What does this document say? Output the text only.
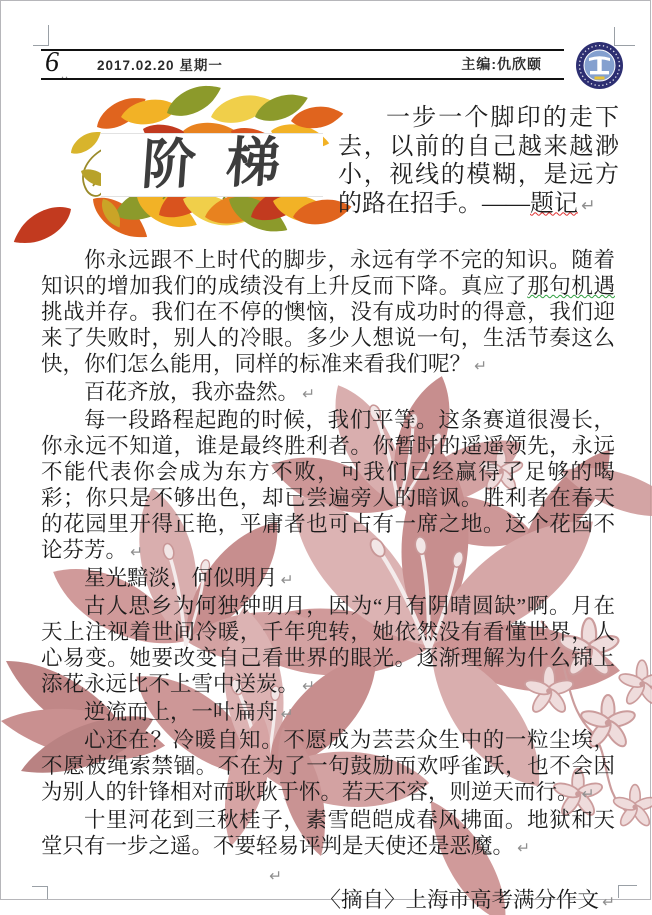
6 ..
2017.02.20 星期一	主编:仇欣颐
阶梯
一步一个脚印的走下去，以前的自己越来越渺小，视线的模糊，是远方的路在招手。——题记 ↵

你永远跟不上时代的脚步，永远有学不完的知识。随着知识的增加我们的成绩没有上升反而下降。真应了那句机遇挑战并存。我们在不停的懊恼，没有成功时的得意，我们迎来了失败时，别人的冷眼。多少人想说一句，生活节奏这么快，你们怎么能用，同样的标准来看我们呢？ ↵

百花齐放，我亦盎然。 ↵

每一段路程起跑的时候，我们平等。这条赛道很漫长，你永远不知道，谁是最终胜利者。你暂时的遥遥领先，永远不能代表你会成为东方不败，可我们已经赢得了足够的喝彩；你只是不够出色，却已尝遍旁人的暗讽。胜利者在春天的花园里开得正艳，平庸者也可占有一席之地。这个花园不论芬芳。 ↵

星光黯淡，何似明月 ↵

古人思乡为何独钟明月，因为“月有阴晴圆缺”啊。月在天上注视着世间冷暖，千年兜转，她依然没有看懂世界，人心易变。她要改变自己看世界的眼光。逐渐理解为什么锦上添花永远比不上雪中送炭。 ↵

逆流而上，一叶扁舟 ↵

心还在？冷暖自知。不愿成为芸芸众生中的一粒尘埃，不愿被绳索禁锢。不在为了一句鼓励而欢呼雀跃，也不会因为别人的针锋相对而耿耿于怀。若天不容，则逆天而行。 ↵

十里河花到三秋桂子，素雪皑皑成春风拂面。地狱和天堂只有一步之遥。不要轻易评判是天使还是恶魔。 ↵

↵

〈摘自〉上海市高考满分作文 ↵
